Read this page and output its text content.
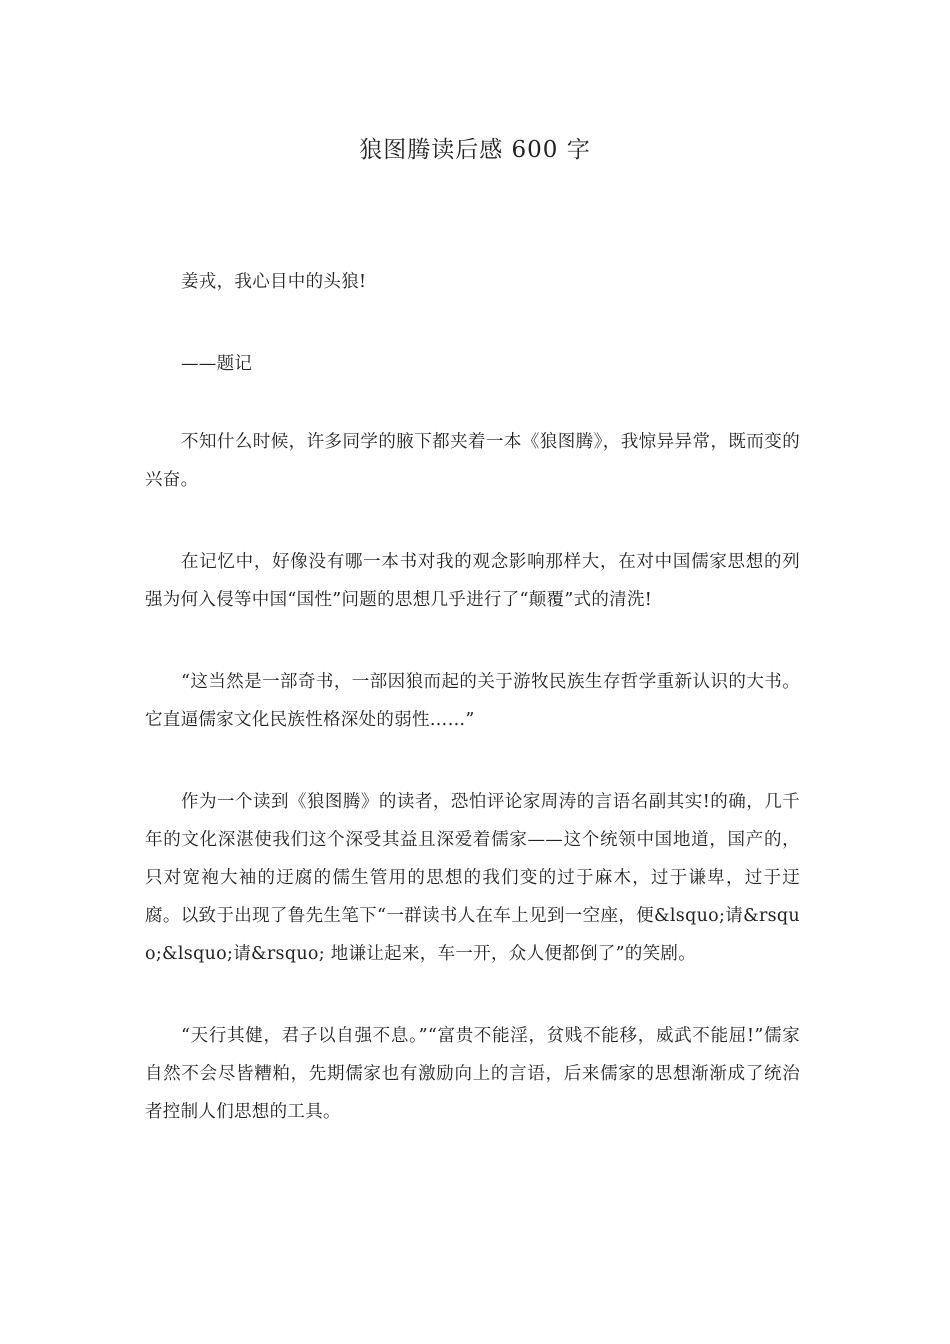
狼图腾读后感 600 字

姜戎，我心目中的头狼!

——题记

不知什么时候，许多同学的腋下都夹着一本《狼图腾》，我惊异异常，既而变的兴奋。

在记忆中，好像没有哪一本书对我的观念影响那样大，在对中国儒家思想的列强为何入侵等中国“国性”问题的思想几乎进行了“颠覆”式的清洗!

“这当然是一部奇书，一部因狼而起的关于游牧民族生存哲学重新认识的大书。它直逼儒家文化民族性格深处的弱性……”

作为一个读到《狼图腾》的读者，恐怕评论家周涛的言语名副其实!的确，几千年的文化深湛使我们这个深受其益且深爱着儒家——这个统领中国地道，国产的，只对宽袍大袖的迂腐的儒生管用的思想的我们变的过于麻木，过于谦卑，过于迂腐。以致于出现了鲁先生笔下“一群读书人在车上见到一空座，便&lsquo;请&rsquo;&lsquo;请&rsquo; 地谦让起来，车一开，众人便都倒了”的笑剧。

“天行其健，君子以自强不息。”“富贵不能淫，贫贱不能移，威武不能屈!”儒家自然不会尽皆糟粕，先期儒家也有激励向上的言语，后来儒家的思想渐渐成了统治者控制人们思想的工具。
